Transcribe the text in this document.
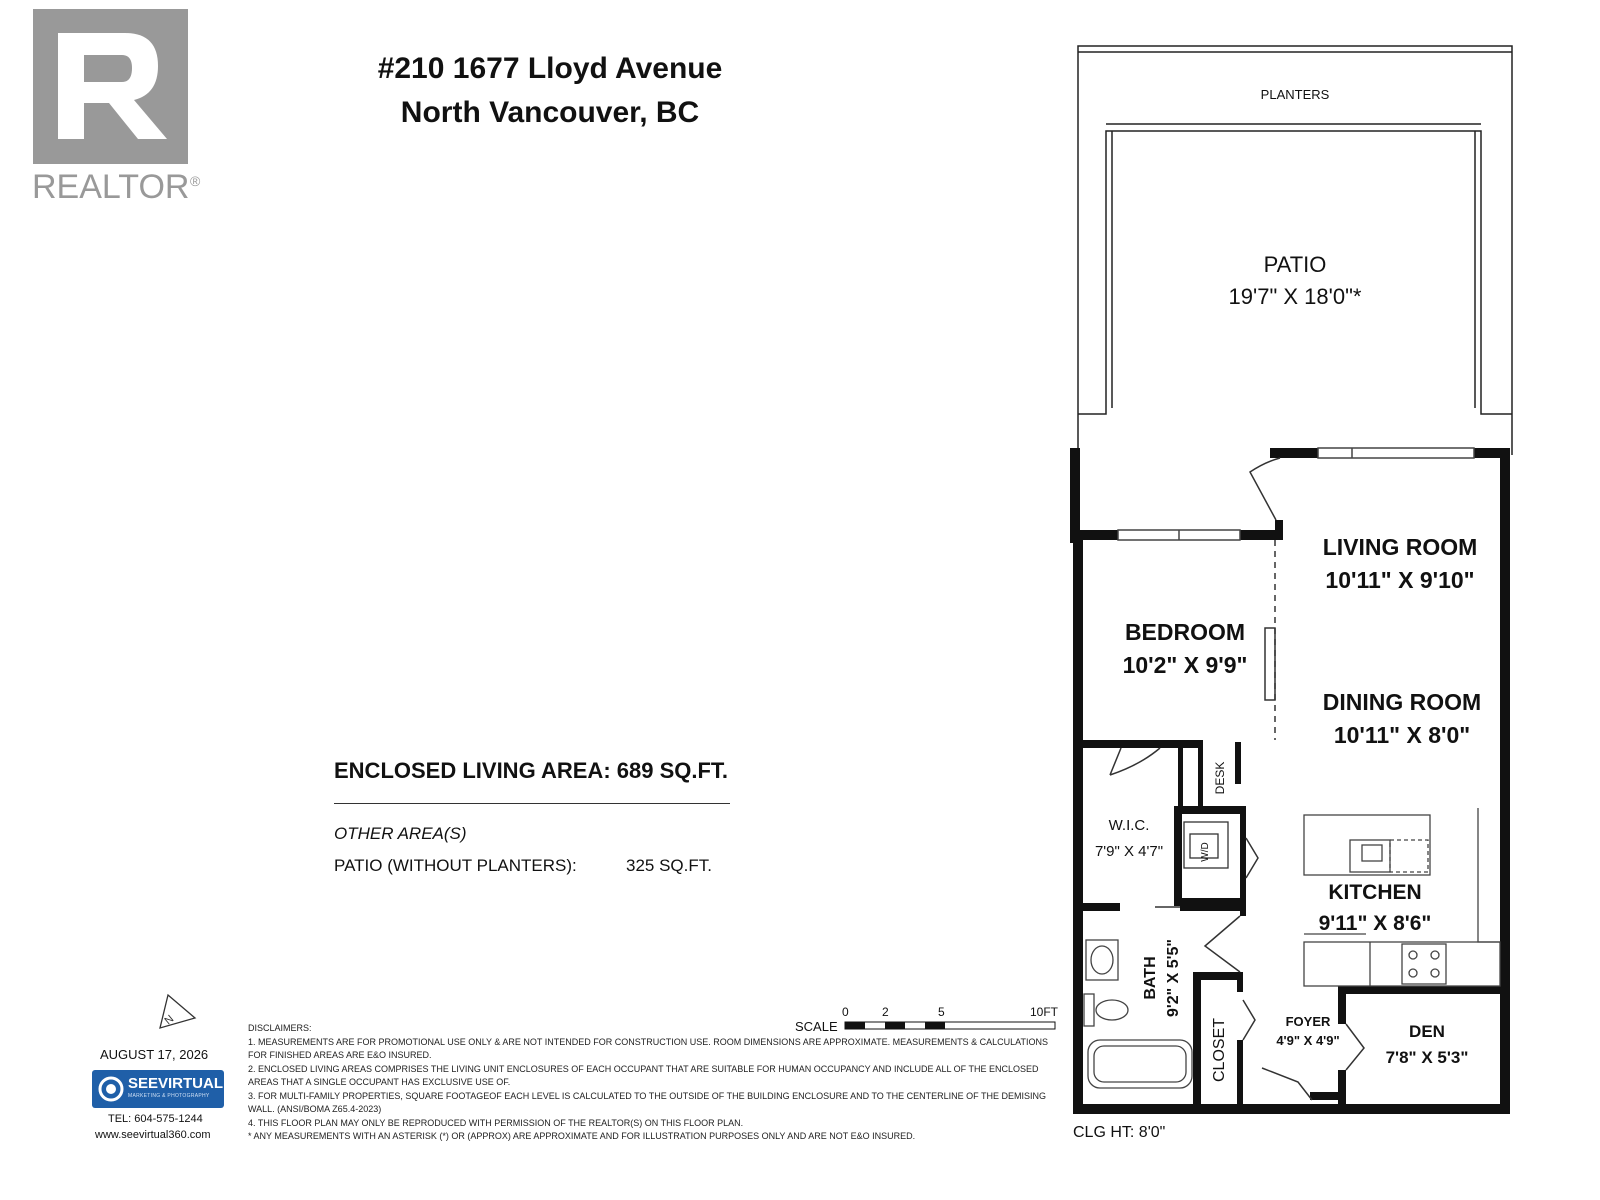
REALTOR ®
#210 1677 Lloyd Avenue
North Vancouver, BC
ENCLOSED LIVING AREA: 689 SQ.FT.
OTHER AREA(S)
PATIO (WITHOUT PLANTERS):	325 SQ.FT.
PLANTERS
PATIO
19'7" X 18'0"*
LIVING ROOM
10'11" X 9'10"
BEDROOM
10'2" X 9'9"
DINING ROOM
10'11" X 8'0"
DESK
W.I.C.
7'9" X 4'7"	W/D
KITCHEN
9'11" X 8'6"
BATH 9'2" X 5'5"
CLOSET	FOYER
4'9" X 4'9"	DEN
7'8" X 5'3"
SCALE
0	2	5	10FT
N
AUGUST 17, 2026
SEEVIRTUAL
MARKETING & PHOTOGRAPHY
TEL: 604-575-1244
www.seevirtual360.com
DISCLAIMERS:
1. MEASUREMENTS ARE FOR PROMOTIONAL USE ONLY & ARE NOT INTENDED FOR CONSTRUCTION USE. ROOM DIMENSIONS ARE APPROXIMATE. MEASUREMENTS & CALCULATIONS FOR FINISHED AREAS ARE E&O INSURED.
2. ENCLOSED LIVING AREAS COMPRISES THE LIVING UNIT ENCLOSURES OF EACH OCCUPANT THAT ARE SUITABLE FOR HUMAN OCCUPANCY AND INCLUDE ALL OF THE ENCLOSED AREAS THAT A SINGLE OCCUPANT HAS EXCLUSIVE USE OF.
3. FOR MULTI-FAMILY PROPERTIES, SQUARE FOOTAGEOF EACH LEVEL IS CALCULATED TO THE OUTSIDE OF THE BUILDING ENCLOSURE AND TO THE CENTERLINE OF THE DEMISING WALL. (ANSI/BOMA Z65.4-2023)
4. THIS FLOOR PLAN MAY ONLY BE REPRODUCED WITH PERMISSION OF THE REALTOR(S) ON THIS FLOOR PLAN.
* ANY MEASUREMENTS WITH AN ASTERISK (*) OR (APPROX) ARE APPROXIMATE AND FOR ILLUSTRATION PURPOSES ONLY AND ARE NOT E&O INSURED.	CLG HT: 8'0"
